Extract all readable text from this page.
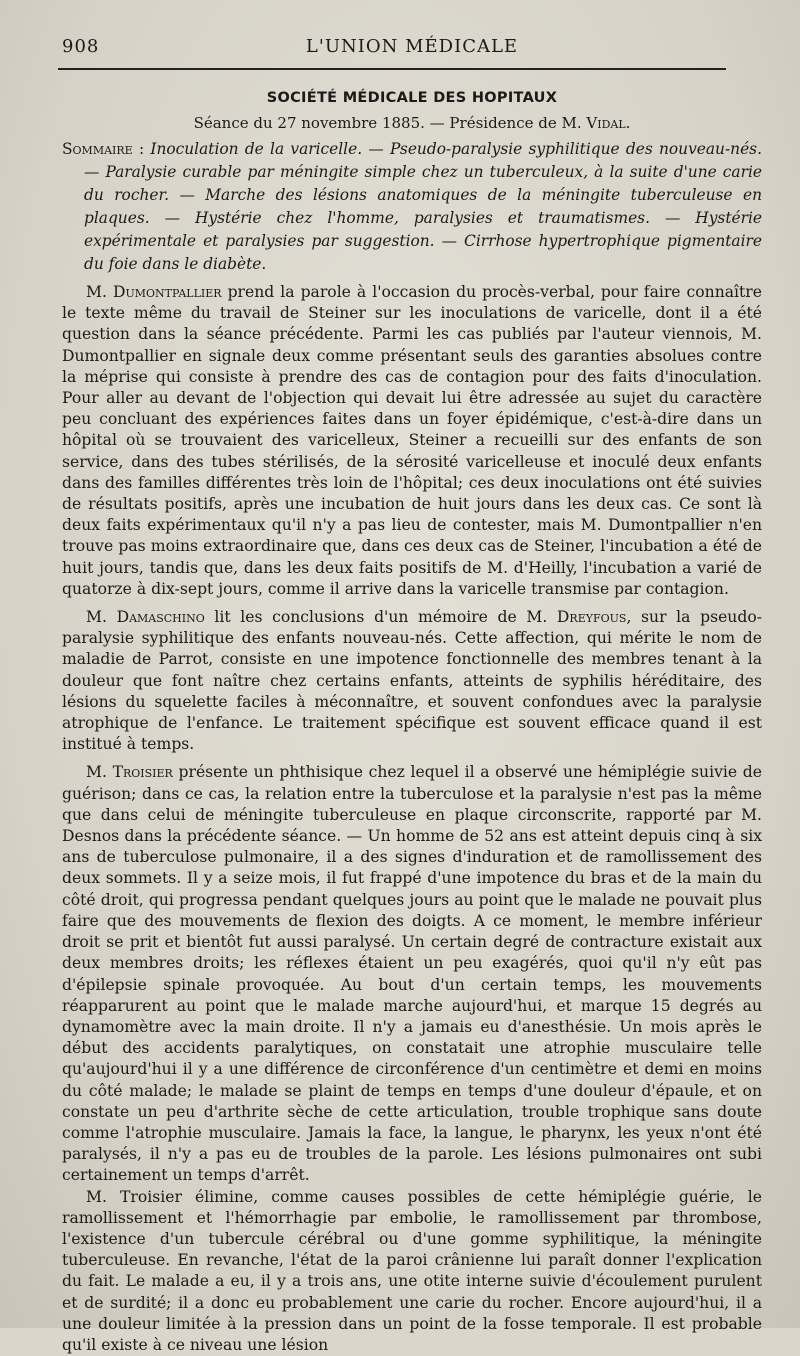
908	L'UNION MÉDICALE
SOCIÉTÉ MÉDICALE DES HOPITAUX
Séance du 27 novembre 1885. — Présidence de M. Vidal.
Sommaire : Inoculation de la varicelle. — Pseudo-paralysie syphilitique des nouveau-nés. — Paralysie curable par méningite simple chez un tuberculeux, à la suite d'une carie du rocher. — Marche des lésions anatomiques de la méningite tuberculeuse en plaques. — Hystérie chez l'homme, paralysies et traumatismes. — Hystérie expérimentale et paralysies par suggestion. — Cirrhose hypertrophique pigmentaire du foie dans le diabète.

M. Dumontpallier prend la parole à l'occasion du procès-verbal, pour faire connaître le texte même du travail de Steiner sur les inoculations de varicelle, dont il a été question dans la séance précédente. Parmi les cas publiés par l'auteur viennois, M. Dumontpallier en signale deux comme présentant seuls des garanties absolues contre la méprise qui consiste à prendre des cas de contagion pour des faits d'inoculation. Pour aller au devant de l'objection qui devait lui être adressée au sujet du caractère peu concluant des expériences faites dans un foyer épidémique, c'est-à-dire dans un hôpital où se trouvaient des varicelleux, Steiner a recueilli sur des enfants de son service, dans des tubes stérilisés, de la sérosité varicelleuse et inoculé deux enfants dans des familles différentes très loin de l'hôpital; ces deux inoculations ont été suivies de résultats positifs, après une incubation de huit jours dans les deux cas. Ce sont là deux faits expérimentaux qu'il n'y a pas lieu de contester, mais M. Dumontpallier n'en trouve pas moins extraordinaire que, dans ces deux cas de Steiner, l'incubation a été de huit jours, tandis que, dans les deux faits positifs de M. d'Heilly, l'incubation a varié de quatorze à dix-sept jours, comme il arrive dans la varicelle transmise par contagion.

M. Damaschino lit les conclusions d'un mémoire de M. Dreyfous, sur la pseudo-paralysie syphilitique des enfants nouveau-nés. Cette affection, qui mérite le nom de maladie de Parrot, consiste en une impotence fonctionnelle des membres tenant à la douleur que font naître chez certains enfants, atteints de syphilis héréditaire, des lésions du squelette faciles à méconnaître, et souvent confondues avec la paralysie atrophique de l'enfance. Le traitement spécifique est souvent efficace quand il est institué à temps.

M. Troisier présente un phthisique chez lequel il a observé une hémiplégie suivie de guérison; dans ce cas, la relation entre la tuberculose et la paralysie n'est pas la même que dans celui de méningite tuberculeuse en plaque circonscrite, rapporté par M. Desnos dans la précédente séance. — Un homme de 52 ans est atteint depuis cinq à six ans de tuberculose pulmonaire, il a des signes d'induration et de ramollissement des deux sommets. Il y a seize mois, il fut frappé d'une impotence du bras et de la main du côté droit, qui progressa pendant quelques jours au point que le malade ne pouvait plus faire que des mouvements de flexion des doigts. A ce moment, le membre inférieur droit se prit et bientôt fut aussi paralysé. Un certain degré de contracture existait aux deux membres droits; les réflexes étaient un peu exagérés, quoi qu'il n'y eût pas d'épilepsie spinale provoquée. Au bout d'un certain temps, les mouvements réapparurent au point que le malade marche aujourd'hui, et marque 15 degrés au dynamomètre avec la main droite. Il n'y a jamais eu d'anesthésie. Un mois après le début des accidents paralytiques, on constatait une atrophie musculaire telle qu'aujourd'hui il y a une différence de circonférence d'un centimètre et demi en moins du côté malade; le malade se plaint de temps en temps d'une douleur d'épaule, et on constate un peu d'arthrite sèche de cette articulation, trouble trophique sans doute comme l'atrophie musculaire. Jamais la face, la langue, le pharynx, les yeux n'ont été paralysés, il n'y a pas eu de troubles de la parole. Les lésions pulmonaires ont subi certainement un temps d'arrêt.

M. Troisier élimine, comme causes possibles de cette hémiplégie guérie, le ramollissement et l'hémorrhagie par embolie, le ramollissement par thrombose, l'existence d'un tubercule cérébral ou d'une gomme syphilitique, la méningite tuberculeuse. En revanche, l'état de la paroi crânienne lui paraît donner l'explication du fait. Le malade a eu, il y a trois ans, une otite interne suivie d'écoulement purulent et de surdité; il a donc eu probablement une carie du rocher. Encore aujourd'hui, il a une douleur limitée à la pression dans un point de la fosse temporale. Il est probable qu'il existe à ce niveau une lésion
